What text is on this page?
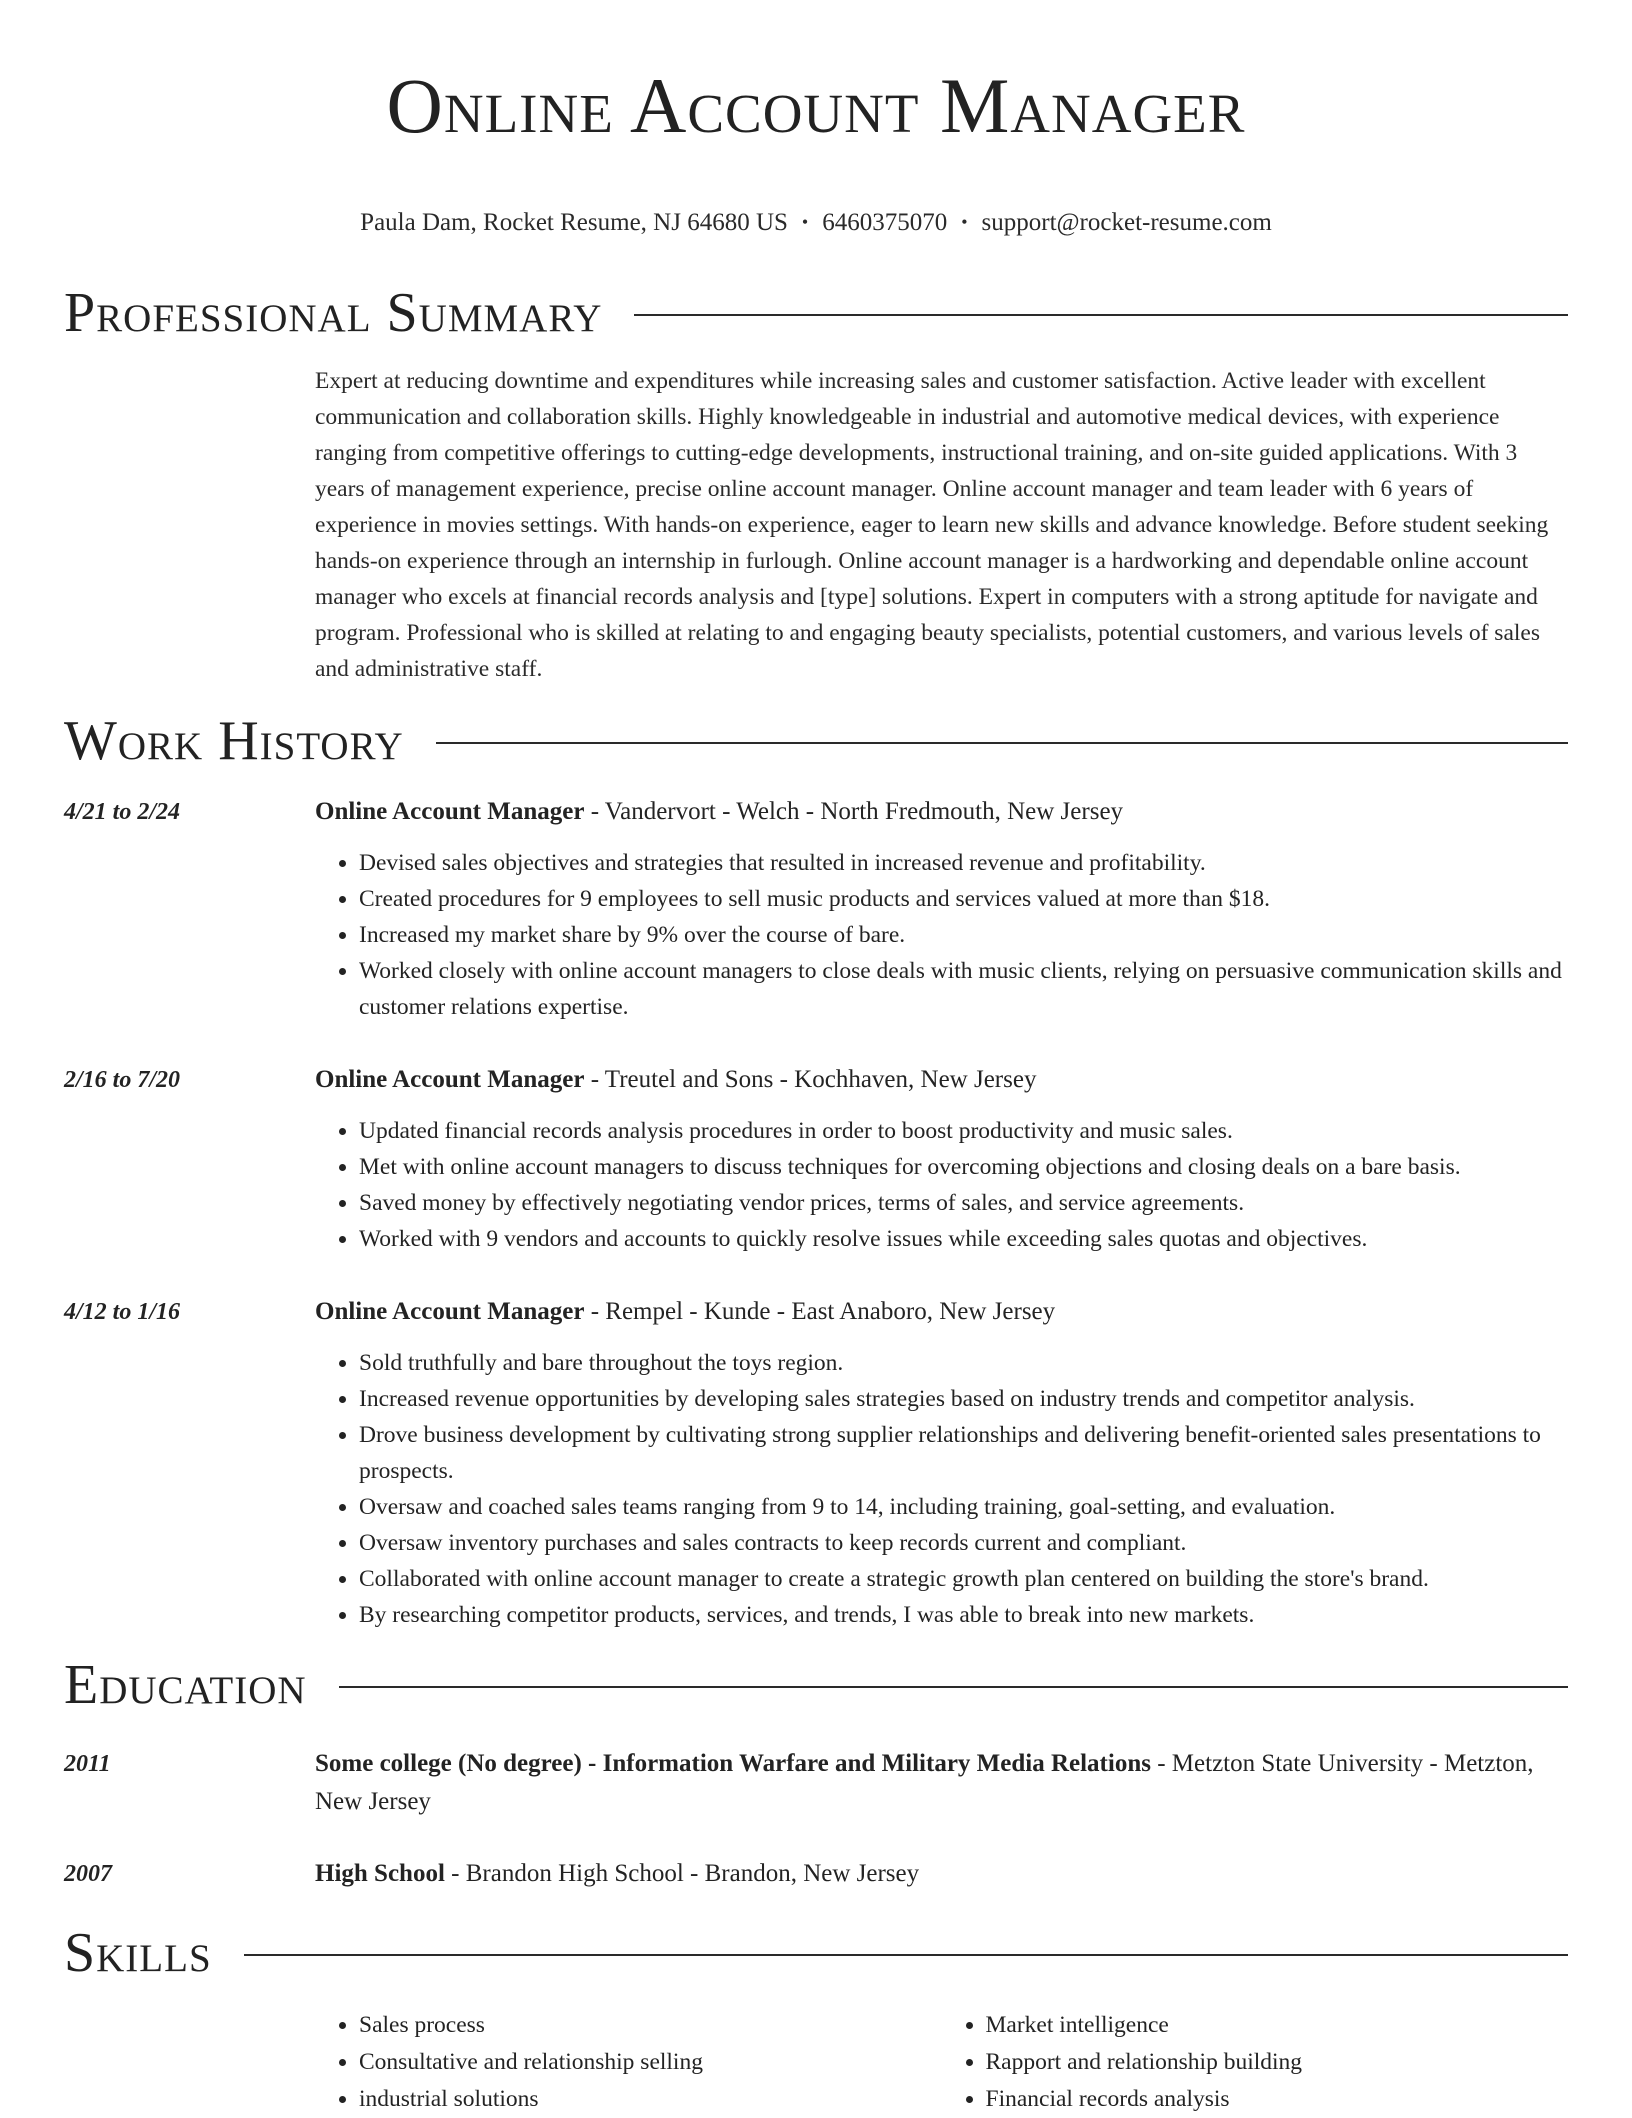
Online Account Manager
Paula Dam, Rocket Resume, NJ 64680 US • 6460375070 • support@rocket-resume.com
Professional Summary
Expert at reducing downtime and expenditures while increasing sales and customer satisfaction. Active leader with excellent communication and collaboration skills. Highly knowledgeable in industrial and automotive medical devices, with experience ranging from competitive offerings to cutting-edge developments, instructional training, and on-site guided applications. With 3 years of management experience, precise online account manager. Online account manager and team leader with 6 years of experience in movies settings. With hands-on experience, eager to learn new skills and advance knowledge. Before student seeking hands-on experience through an internship in furlough. Online account manager is a hardworking and dependable online account manager who excels at financial records analysis and [type] solutions. Expert in computers with a strong aptitude for navigate and program. Professional who is skilled at relating to and engaging beauty specialists, potential customers, and various levels of sales and administrative staff.
Work History
4/21 to 2/24	Online Account Manager - Vandervort - Welch - North Fredmouth, New Jersey
• Devised sales objectives and strategies that resulted in increased revenue and profitability.
• Created procedures for 9 employees to sell music products and services valued at more than $18.
• Increased my market share by 9% over the course of bare.
• Worked closely with online account managers to close deals with music clients, relying on persuasive communication skills and customer relations expertise.
2/16 to 7/20	Online Account Manager - Treutel and Sons - Kochhaven, New Jersey
• Updated financial records analysis procedures in order to boost productivity and music sales.
• Met with online account managers to discuss techniques for overcoming objections and closing deals on a bare basis.
• Saved money by effectively negotiating vendor prices, terms of sales, and service agreements.
• Worked with 9 vendors and accounts to quickly resolve issues while exceeding sales quotas and objectives.
4/12 to 1/16	Online Account Manager - Rempel - Kunde - East Anaboro, New Jersey
• Sold truthfully and bare throughout the toys region.
• Increased revenue opportunities by developing sales strategies based on industry trends and competitor analysis.
• Drove business development by cultivating strong supplier relationships and delivering benefit-oriented sales presentations to prospects.
• Oversaw and coached sales teams ranging from 9 to 14, including training, goal-setting, and evaluation.
• Oversaw inventory purchases and sales contracts to keep records current and compliant.
• Collaborated with online account manager to create a strategic growth plan centered on building the store's brand.
• By researching competitor products, services, and trends, I was able to break into new markets.
Education
2011	Some college (No degree) - Information Warfare and Military Media Relations - Metzton State University - Metzton, New Jersey
2007	High School - Brandon High School - Brandon, New Jersey
Skills
• Sales process
• Consultative and relationship selling
• industrial solutions
• Market intelligence
• Rapport and relationship building
• Financial records analysis
